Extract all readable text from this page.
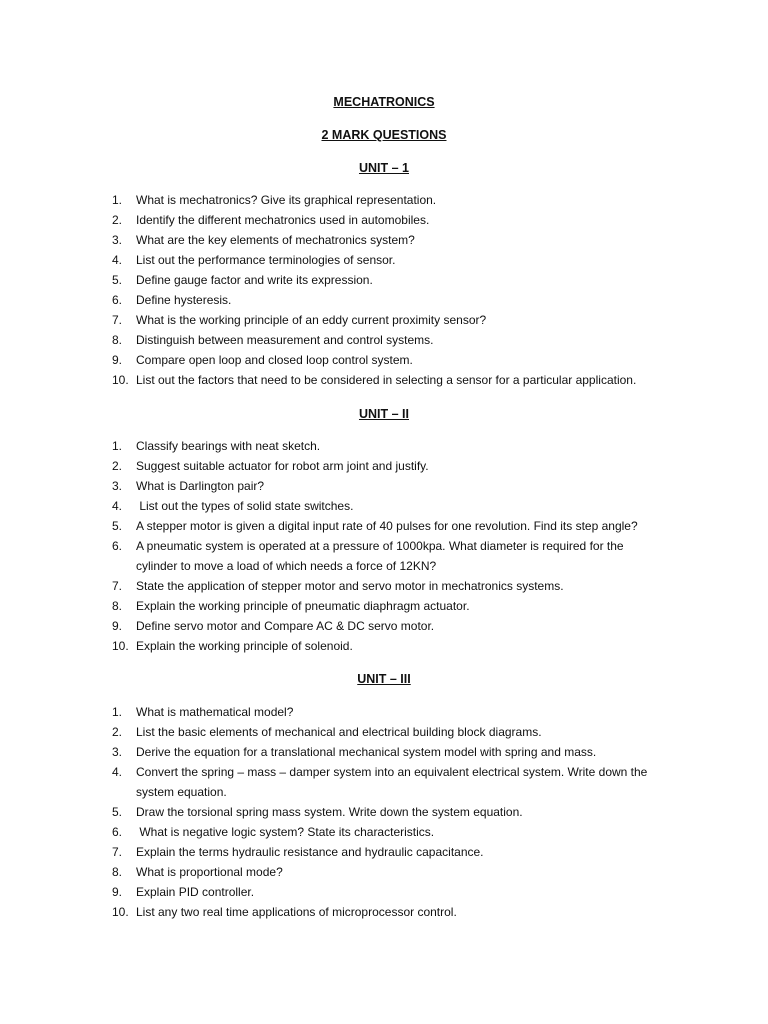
MECHATRONICS
2 MARK QUESTIONS
UNIT – 1
1.	What is mechatronics? Give its graphical representation.
2.	Identify the different mechatronics used in automobiles.
3.	What are the key elements of mechatronics system?
4.	List out the performance terminologies of sensor.
5.	Define gauge factor and write its expression.
6.	Define hysteresis.
7.	What is the working principle of an eddy current proximity sensor?
8.	Distinguish between measurement and control systems.
9.	Compare open loop and closed loop control system.
10. List out the factors that need to be considered in selecting a sensor for a particular application.
UNIT – II
1.	Classify bearings with neat sketch.
2.	Suggest suitable actuator for robot arm joint and justify.
3.	What is Darlington pair?
4.	List out the types of solid state switches.
5.	A stepper motor is given a digital input rate of 40 pulses for one revolution. Find its step angle?
6.	A pneumatic system is operated at a pressure of 1000kpa. What diameter is required for the
cylinder to move a load of which needs a force of 12KN?
7.	State the application of stepper motor and servo motor in mechatronics systems.
8.	Explain the working principle of pneumatic diaphragm actuator.
9.	Define servo motor and Compare AC & DC servo motor.
10. Explain the working principle of solenoid.
UNIT – III
1.	What is mathematical model?
2.	List the basic elements of mechanical and electrical building block diagrams.
3.	Derive the equation for a translational mechanical system model with spring and mass.
4.	Convert the spring – mass – damper system into an equivalent electrical system. Write down the
system equation.
5.	Draw the torsional spring mass system. Write down the system equation.
6.	What is negative logic system? State its characteristics.
7.	Explain the terms hydraulic resistance and hydraulic capacitance.
8.	What is proportional mode?
9.	Explain PID controller.
10. List any two real time applications of microprocessor control.
